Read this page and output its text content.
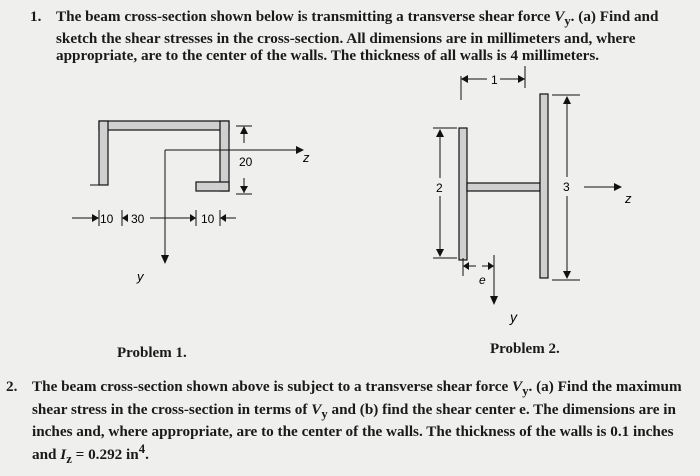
1. The beam cross-section shown below is transmitting a transverse shear force $V_y$. (a) Find and sketch the shear stresses in the cross-section. All dimensions are in millimeters and, where appropriate, are to the center of the walls. The thickness of all walls is 4 millimeters.
20
10 30	10
z
y
1
2	3
z
e
y
Problem 1.	Problem 2.
2. The beam cross-section shown above is subject to a transverse shear force $V_y$. (a) Find the maximum shear stress in the cross-section in terms of $V_y$ and (b) find the shear center e. The dimensions are in inches and, where appropriate, are to the center of the walls. The thickness of the walls is 0.1 inches and $I_z = 0.292$ $in^4$.
